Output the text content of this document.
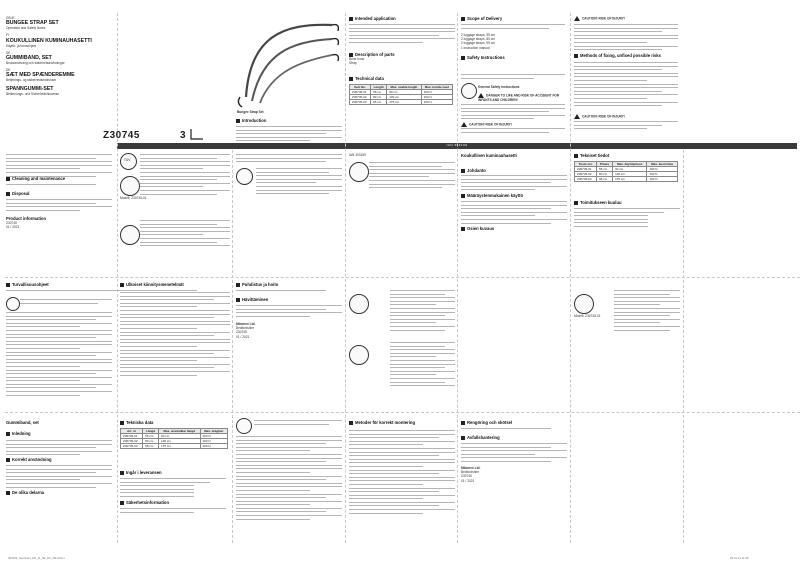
IAN 303169
GB IE
BUNGEE STRAP SET
Operation and Safety Notes
FI
KOUKULLINEN KUMINAUHASETTI
Käyttö- ja turvaohjeet
SE
GUMMIBAND, SET
Bruksanvisning och säkerhetsanvisningar
DK
SÆT MED SPÆNDEREMME
Betjenings- og sikkerhedsinstrukser
SPANNGUMMI-SET
Bedienungs- und Sicherheitshinweise
Z30745	3
Bungee Strap Set
Introduction
Intended application
Description of parts
Bone hook
Strap
Technical data
Item No.	Length	Max. usable length	Max. tensile load
Z30745-01	55 cm	90 cm	160 N
Z30745-02	80 cm	130 cm	160 N
Z30745-03	95 cm	175 cm	160 N
Scope of Delivery
2 luggage straps, 55 cm
2 luggage straps, 80 cm
2 luggage straps, 95 cm
1 instruction manual
Safety Instructions
General Safety Instructions
DANGER TO LIFE AND RISK OF ACCIDENT FOR INFANTS AND CHILDREN!
CAUTION! RISK OF INJURY!
CAUTION! RISK OF INJURY!
Methods of fixing, unfixed possible risks
CAUTION! RISK OF INJURY!
Cleaning and maintenance
Disposal
Product information
Z30745
01 / 2021
TÜV
Modell: Z30745-01
IAN 303169	Koukullinen kuminauhasetti
Johdanto
Määräystenmukainen käyttö
Osien kuvaus
Tekniset tiedot
Tuote nro	Pituus	Max. käyttöpituus	Max. kuormitus
Z30745-01	55 cm	90 cm	160 N
Z30745-02	80 cm	130 cm	160 N
Z30745-03	95 cm	175 cm	160 N
Toimitukseen kuuluu
Turvallisuusohjeet	Ulkoiset kiinnitysmenetelmät	Puhdistus ja hoito
Hävittäminen
Milomex Ltd.
Bedfordshire
Z30745
01 / 2021
Modell: Z30745-01
Gummiband, set
Inledning
Korrekt användning
De olika delarna
Tekniska data
Art. nr	Längd	Max. användbar längd	Max. draglast
Z30745-01	55 cm	90 cm	160 N
Z30745-02	80 cm	130 cm	160 N
Z30745-03	95 cm	175 cm	160 N
Ingår i leveransen
Säkerhetsinformation
Metoder för korrekt montering	Rengöring och skötsel
Avfallshantering
Milomex Ltd.
Bedfordshire
Z30745
01 / 2021
303169_Spannset_EN_FI_SE_DK_DE.indd 1	26.01.21 11:28
